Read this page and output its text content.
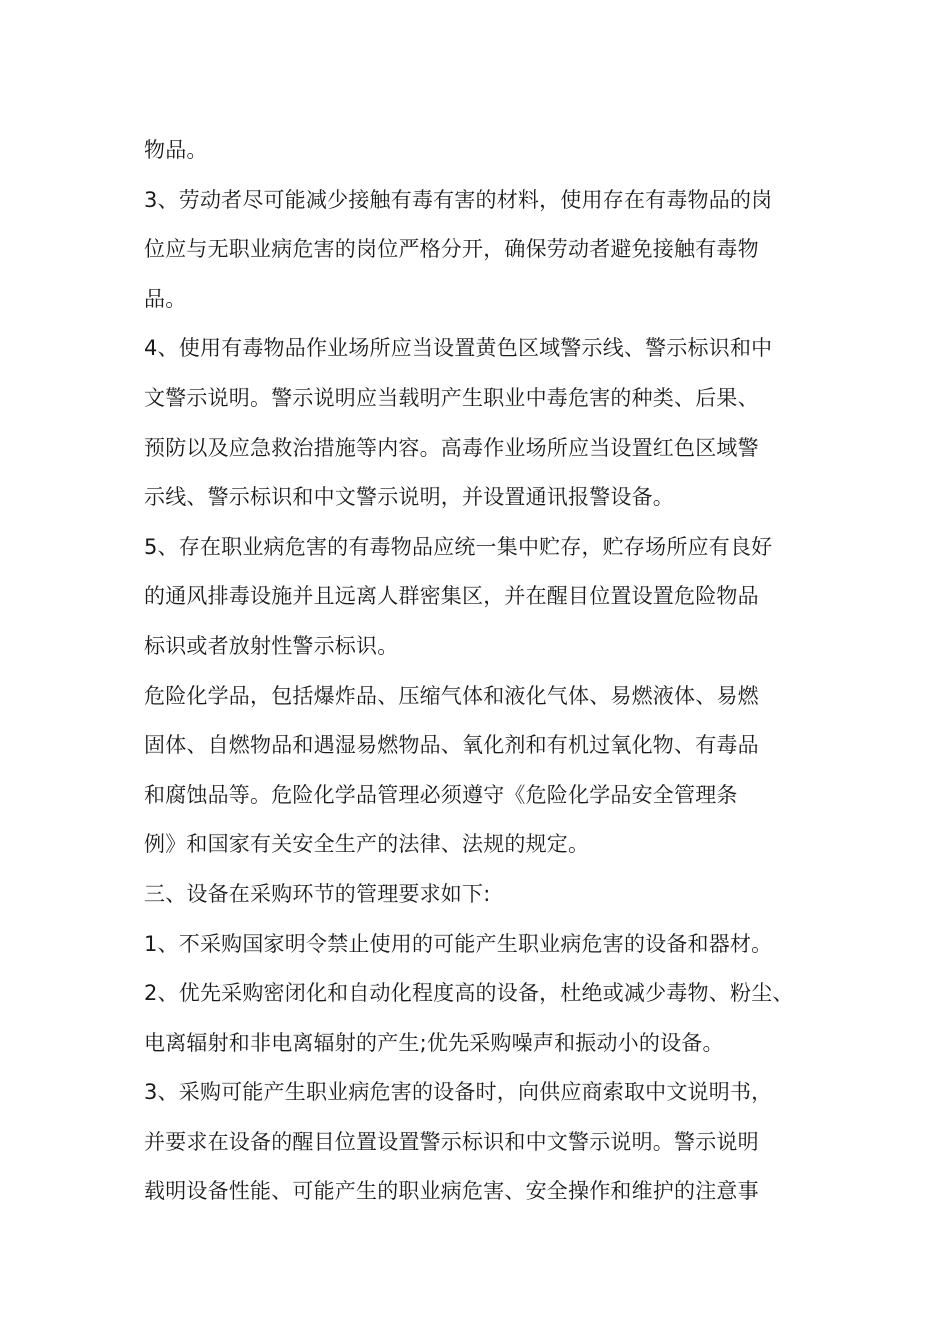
物品。
3、劳动者尽可能减少接触有毒有害的材料，使用存在有毒物品的岗
位应与无职业病危害的岗位严格分开，确保劳动者避免接触有毒物
品。
4、使用有毒物品作业场所应当设置黄色区域警示线、警示标识和中
文警示说明。警示说明应当载明产生职业中毒危害的种类、后果、
预防以及应急救治措施等内容。高毒作业场所应当设置红色区域警
示线、警示标识和中文警示说明，并设置通讯报警设备。
5、存在职业病危害的有毒物品应统一集中贮存，贮存场所应有良好
的通风排毒设施并且远离人群密集区，并在醒目位置设置危险物品
标识或者放射性警示标识。
危险化学品，包括爆炸品、压缩气体和液化气体、易燃液体、易燃
固体、自燃物品和遇湿易燃物品、氧化剂和有机过氧化物、有毒品
和腐蚀品等。危险化学品管理必须遵守《危险化学品安全管理条
例》和国家有关安全生产的法律、法规的规定。
三、设备在采购环节的管理要求如下:
1、不采购国家明令禁止使用的可能产生职业病危害的设备和器材。
2、优先采购密闭化和自动化程度高的设备，杜绝或减少毒物、粉尘、
电离辐射和非电离辐射的产生;优先采购噪声和振动小的设备。
3、采购可能产生职业病危害的设备时，向供应商索取中文说明书，
并要求在设备的醒目位置设置警示标识和中文警示说明。警示说明
载明设备性能、可能产生的职业病危害、安全操作和维护的注意事
